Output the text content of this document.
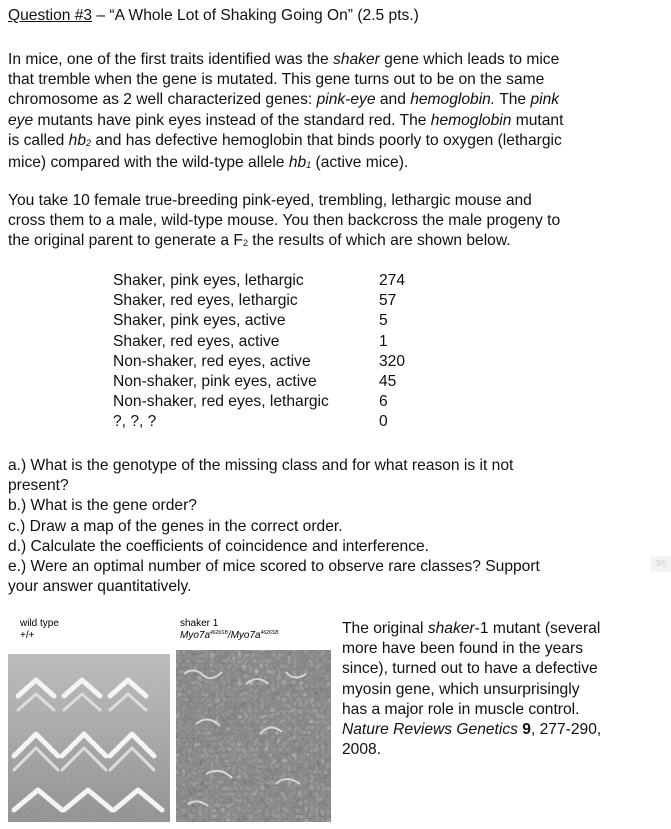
Question #3 – “A Whole Lot of Shaking Going On” (2.5 pts.)
In mice, one of the first traits identified was the shaker gene which leads to mice
that tremble when the gene is mutated. This gene turns out to be on the same
chromosome as 2 well characterized genes: pink-eye and hemoglobin. The pink
eye mutants have pink eyes instead of the standard red. The hemoglobin mutant
is called hb2 and has defective hemoglobin that binds poorly to oxygen (lethargic
mice) compared with the wild-type allele hb1 (active mice).
You take 10 female true-breeding pink-eyed, trembling, lethargic mouse and
cross them to a male, wild-type mouse. You then backcross the male progeny to
the original parent to generate a F2 the results of which are shown below.
Shaker, pink eyes, lethargic	274
Shaker, red eyes, lethargic	57
Shaker, pink eyes, active	5
Shaker, red eyes, active	1
Non-shaker, red eyes, active	320
Non-shaker, pink eyes, active	45
Non-shaker, red eyes, lethargic	6
?, ?, ?	0
a.) What is the genotype of the missing class and for what reason is it not
present?
b.) What is the gene order?
c.) Draw a map of the genes in the correct order.
d.) Calculate the coefficients of coincidence and interference.
e.) Were an optimal number of mice scored to observe rare classes? Support
your answer quantitatively.
3/5
wild type
+/+
shaker 1
$Myo7a^{4626SB}/Myo7a^{4626SB}$	The original shaker-1 mutant (several
more have been found in the years
since), turned out to have a defective
myosin gene, which unsurprisingly
has a major role in muscle control.
Nature Reviews Genetics 9, 277-290,
2008.
